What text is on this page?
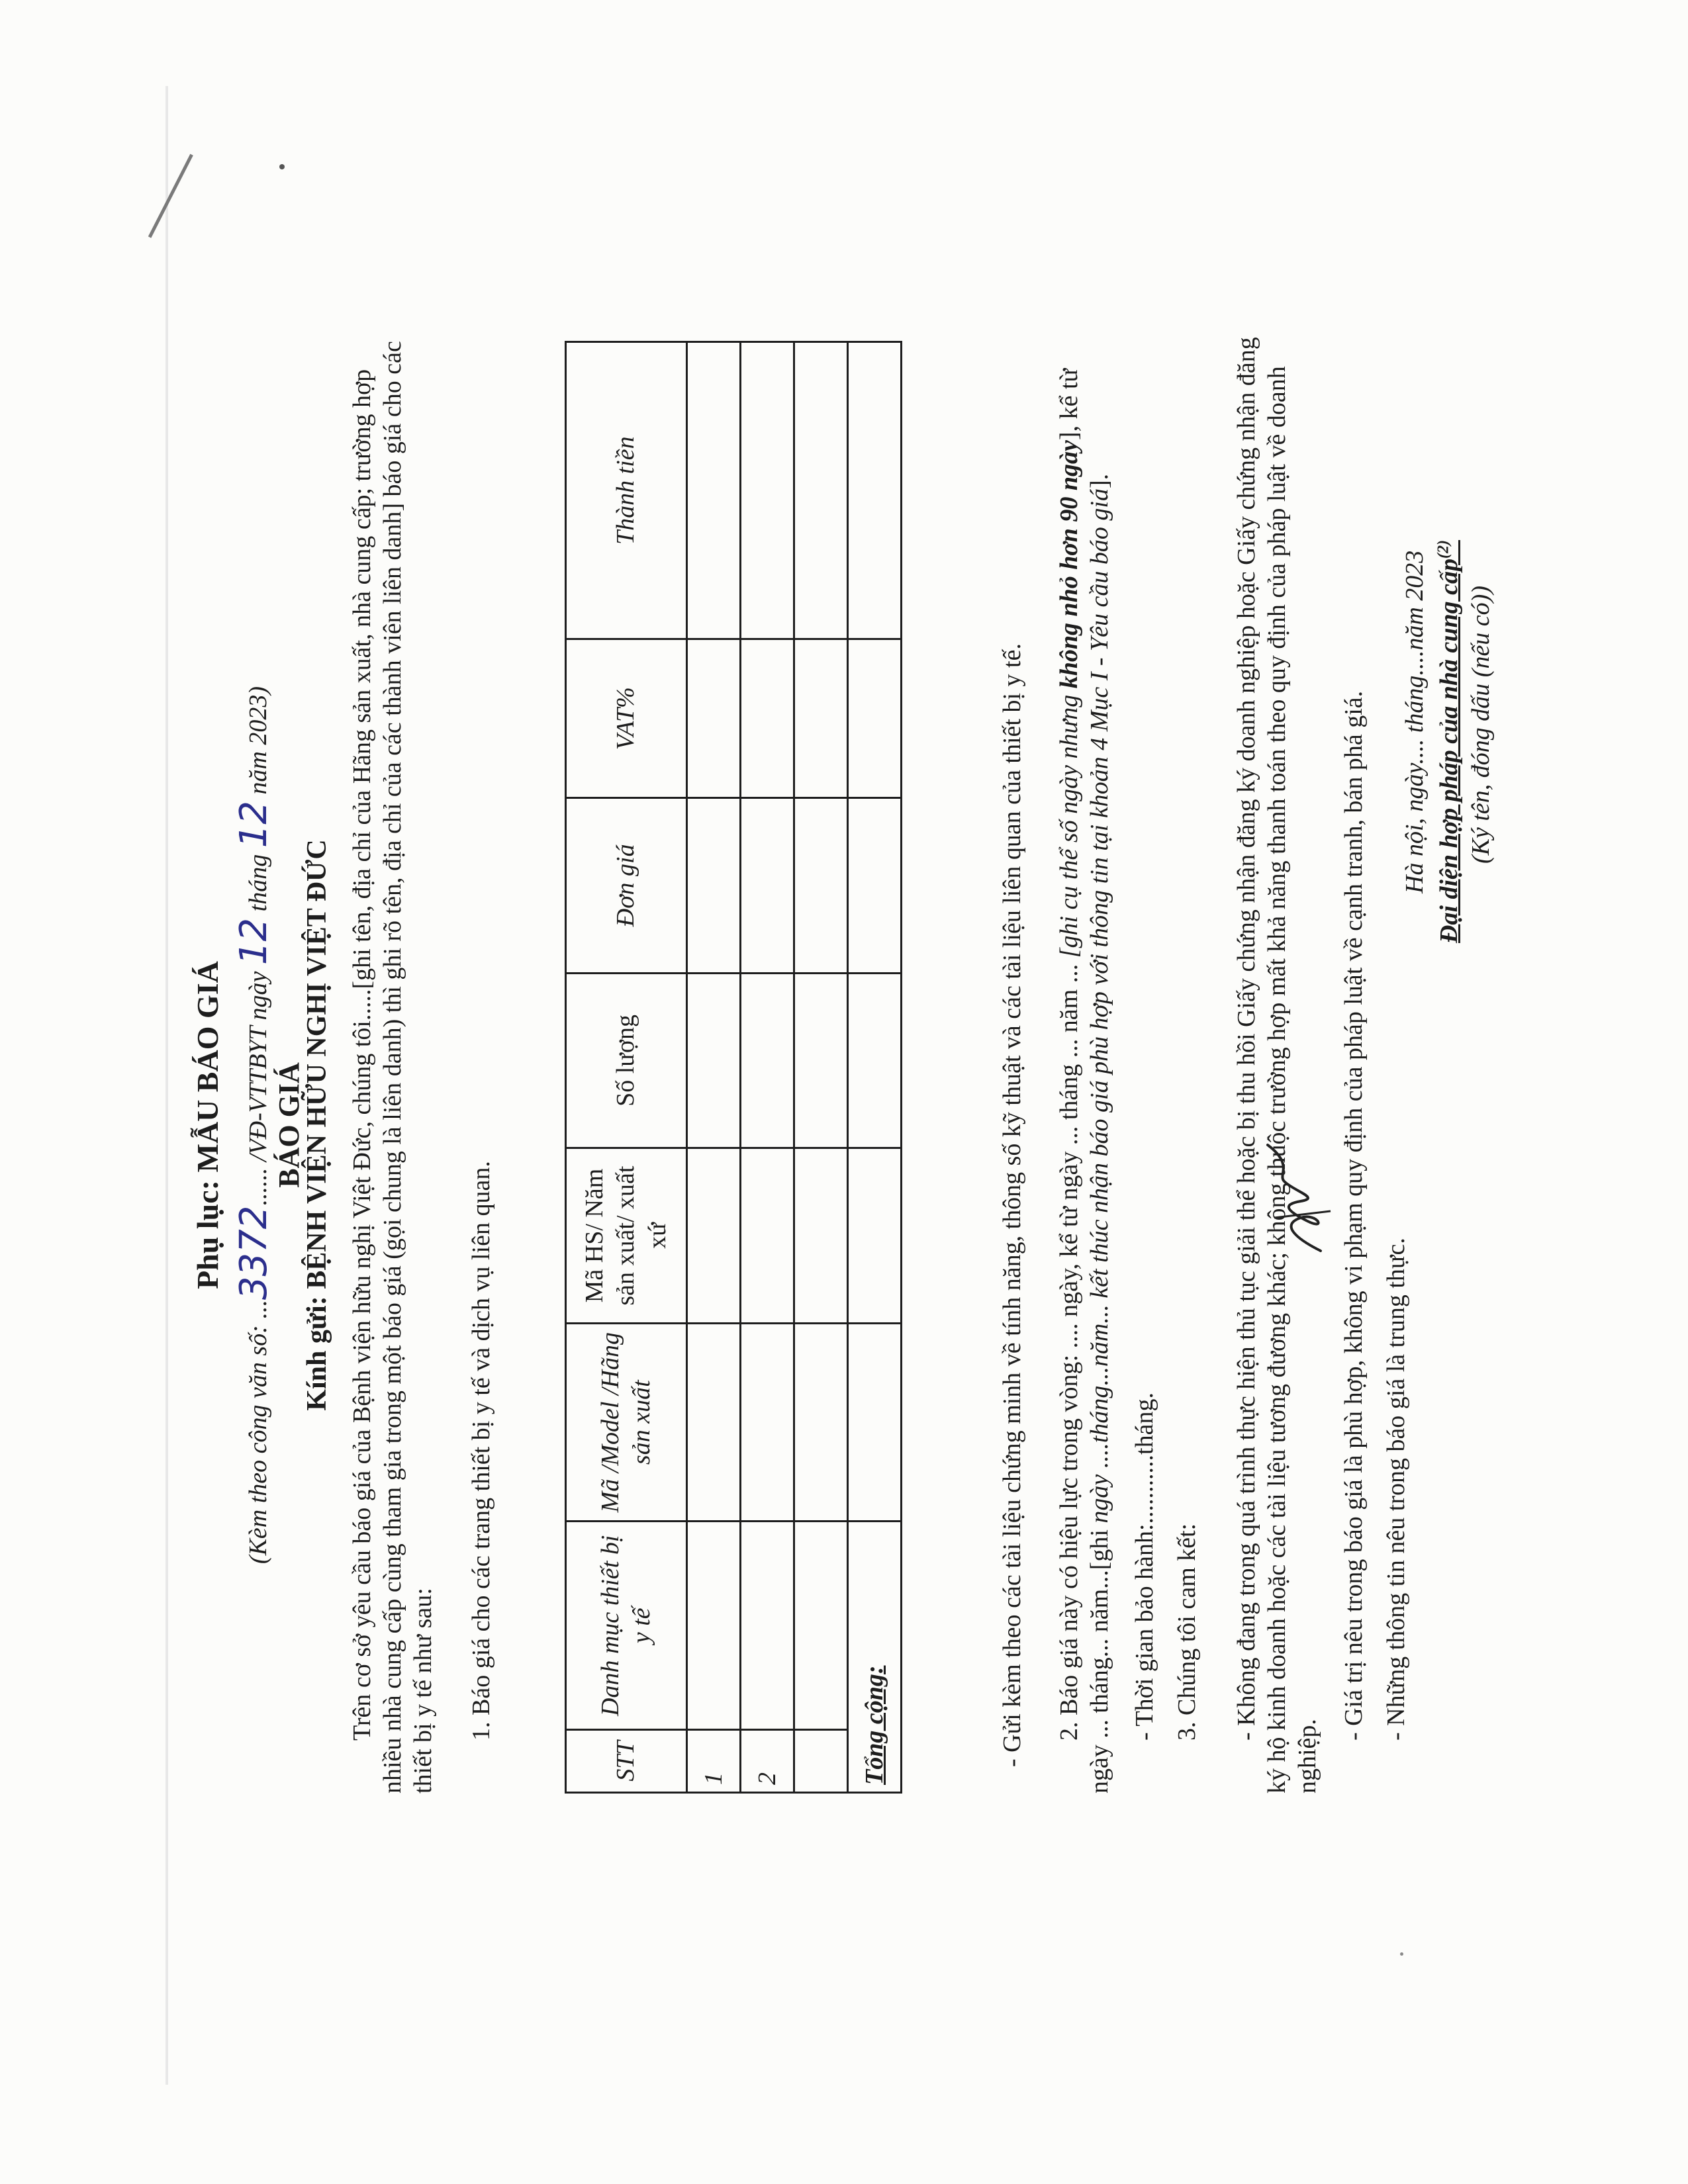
Phụ lục: MẪU BÁO GIÁ
(Kèm theo công văn số: ...3372...... /VĐ-VTTBYT ngày 12 tháng 12 năm 2023)
BÁO GIÁ
Kính gửi: BỆNH VIỆN HỮU NGHỊ VIỆT ĐỨC Trên cơ sở yêu cầu báo giá của Bệnh viện hữu nghị Việt Đức, chúng tôi.....[ghi tên, địa chỉ của Hãng sản xuất, nhà cung cấp; trường hợp nhiều nhà cung cấp cùng tham gia trong một báo giá (gọi chung là liên danh) thì ghi rõ tên, địa chỉ của các thành viên liên danh] báo giá cho các thiết bị y tế như sau: 1. Báo giá cho các trang thiết bị y tế và dịch vụ liên quan.
STT	Danh mục thiết bị y tế	Mã /Model /Hãng sản xuất	Mã HS/ Năm sản xuất/ xuất xứ	Số lượng	Đơn giá	VAT%	Thành tiền
1							
2							

Tổng cộng:								- Gửi kèm theo các tài liệu chứng minh về tính năng, thông số kỹ thuật và các tài liệu liên quan của thiết bị y tế. 2. Báo giá này có hiệu lực trong vòng: .... ngày, kể từ ngày ... tháng ... năm ... [ghi cụ thể số ngày nhưng không nhỏ hơn 90 ngày], kể từ
ngày ... tháng... năm...[ghi ngày ....tháng...năm... kết thúc nhận báo giá phù hợp với thông tin tại khoản 4 Mục I - Yêu cầu báo giá].
- Thời gian bảo hành:...........tháng. 3. Chúng tôi cam kết: - Không đang trong quá trình thực hiện thủ tục giải thể hoặc bị thu hồi Giấy chứng nhận đăng ký doanh nghiệp hoặc Giấy chứng nhận đăng ký hộ kinh doanh hoặc các tài liệu tương đương khác; không thuộc trường hợp mất khả năng thanh toán theo quy định của pháp luật về doanh nghiệp.
- Giá trị nêu trong báo giá là phù hợp, không vi phạm quy định của pháp luật về cạnh tranh, bán phá giá. - Những thông tin nêu trong báo giá là trung thực.
Hà nội, ngày.... tháng....năm 2023 Đại diện hợp pháp của nhà cung cấp$^{(2)}$
(Ký tên, đóng dấu (nếu có))
